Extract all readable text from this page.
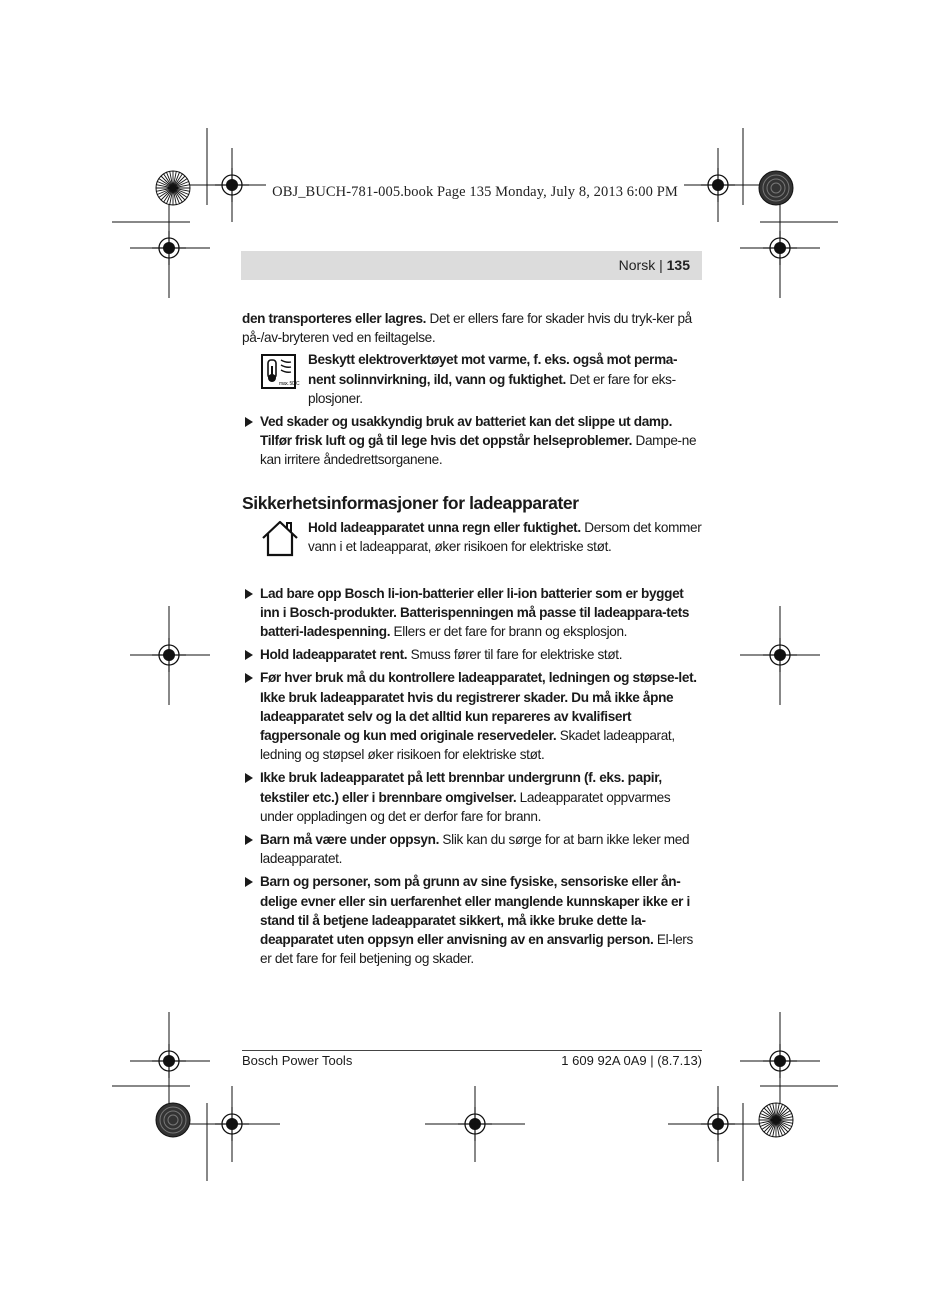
OBJ_BUCH-781-005.book Page 135 Monday, July 8, 2013 6:00 PM
Norsk | 135

den transporteres eller lagres. Det er ellers fare for skader hvis du tryk-ker på på-/av-bryteren ved en feiltagelse.

max. 50°C
Beskytt elektroverktøyet mot varme, f. eks. også mot perma-nent solinnvirkning, ild, vann og fuktighet. Det er fare for eks-plosjoner.
Ved skader og usakkyndig bruk av batteriet kan det slippe ut damp. Tilfør frisk luft og gå til lege hvis det oppstår helseproblemer. Dampe-ne kan irritere åndedrettsorganene.
Sikkerhetsinformasjoner for ladeapparater
Hold ladeapparatet unna regn eller fuktighet. Dersom det kommer vann i et ladeapparat, øker risikoen for elektriske støt.
Lad bare opp Bosch li-ion-batterier eller li-ion batterier som er bygget inn i Bosch-produkter. Batterispenningen må passe til ladeappara-tets batteri-ladespenning. Ellers er det fare for brann og eksplosjon.
Hold ladeapparatet rent. Smuss fører til fare for elektriske støt.
Før hver bruk må du kontrollere ladeapparatet, ledningen og støpse-let. Ikke bruk ladeapparatet hvis du registrerer skader. Du må ikke åpne ladeapparatet selv og la det alltid kun repareres av kvalifisert fagpersonale og kun med originale reservedeler. Skadet ladeapparat, ledning og støpsel øker risikoen for elektriske støt.
Ikke bruk ladeapparatet på lett brennbar undergrunn (f. eks. papir, tekstiler etc.) eller i brennbare omgivelser. Ladeapparatet oppvarmes under oppladingen og det er derfor fare for brann.
Barn må være under oppsyn. Slik kan du sørge for at barn ikke leker med ladeapparatet.
Barn og personer, som på grunn av sine fysiske, sensoriske eller ån-delige evner eller sin uerfarenhet eller manglende kunnskaper ikke er i stand til å betjene ladeapparatet sikkert, må ikke bruke dette la-deapparatet uten oppsyn eller anvisning av en ansvarlig person. El-lers er det fare for feil betjening og skader.
Bosch Power Tools	1 609 92A 0A9 | (8.7.13)
